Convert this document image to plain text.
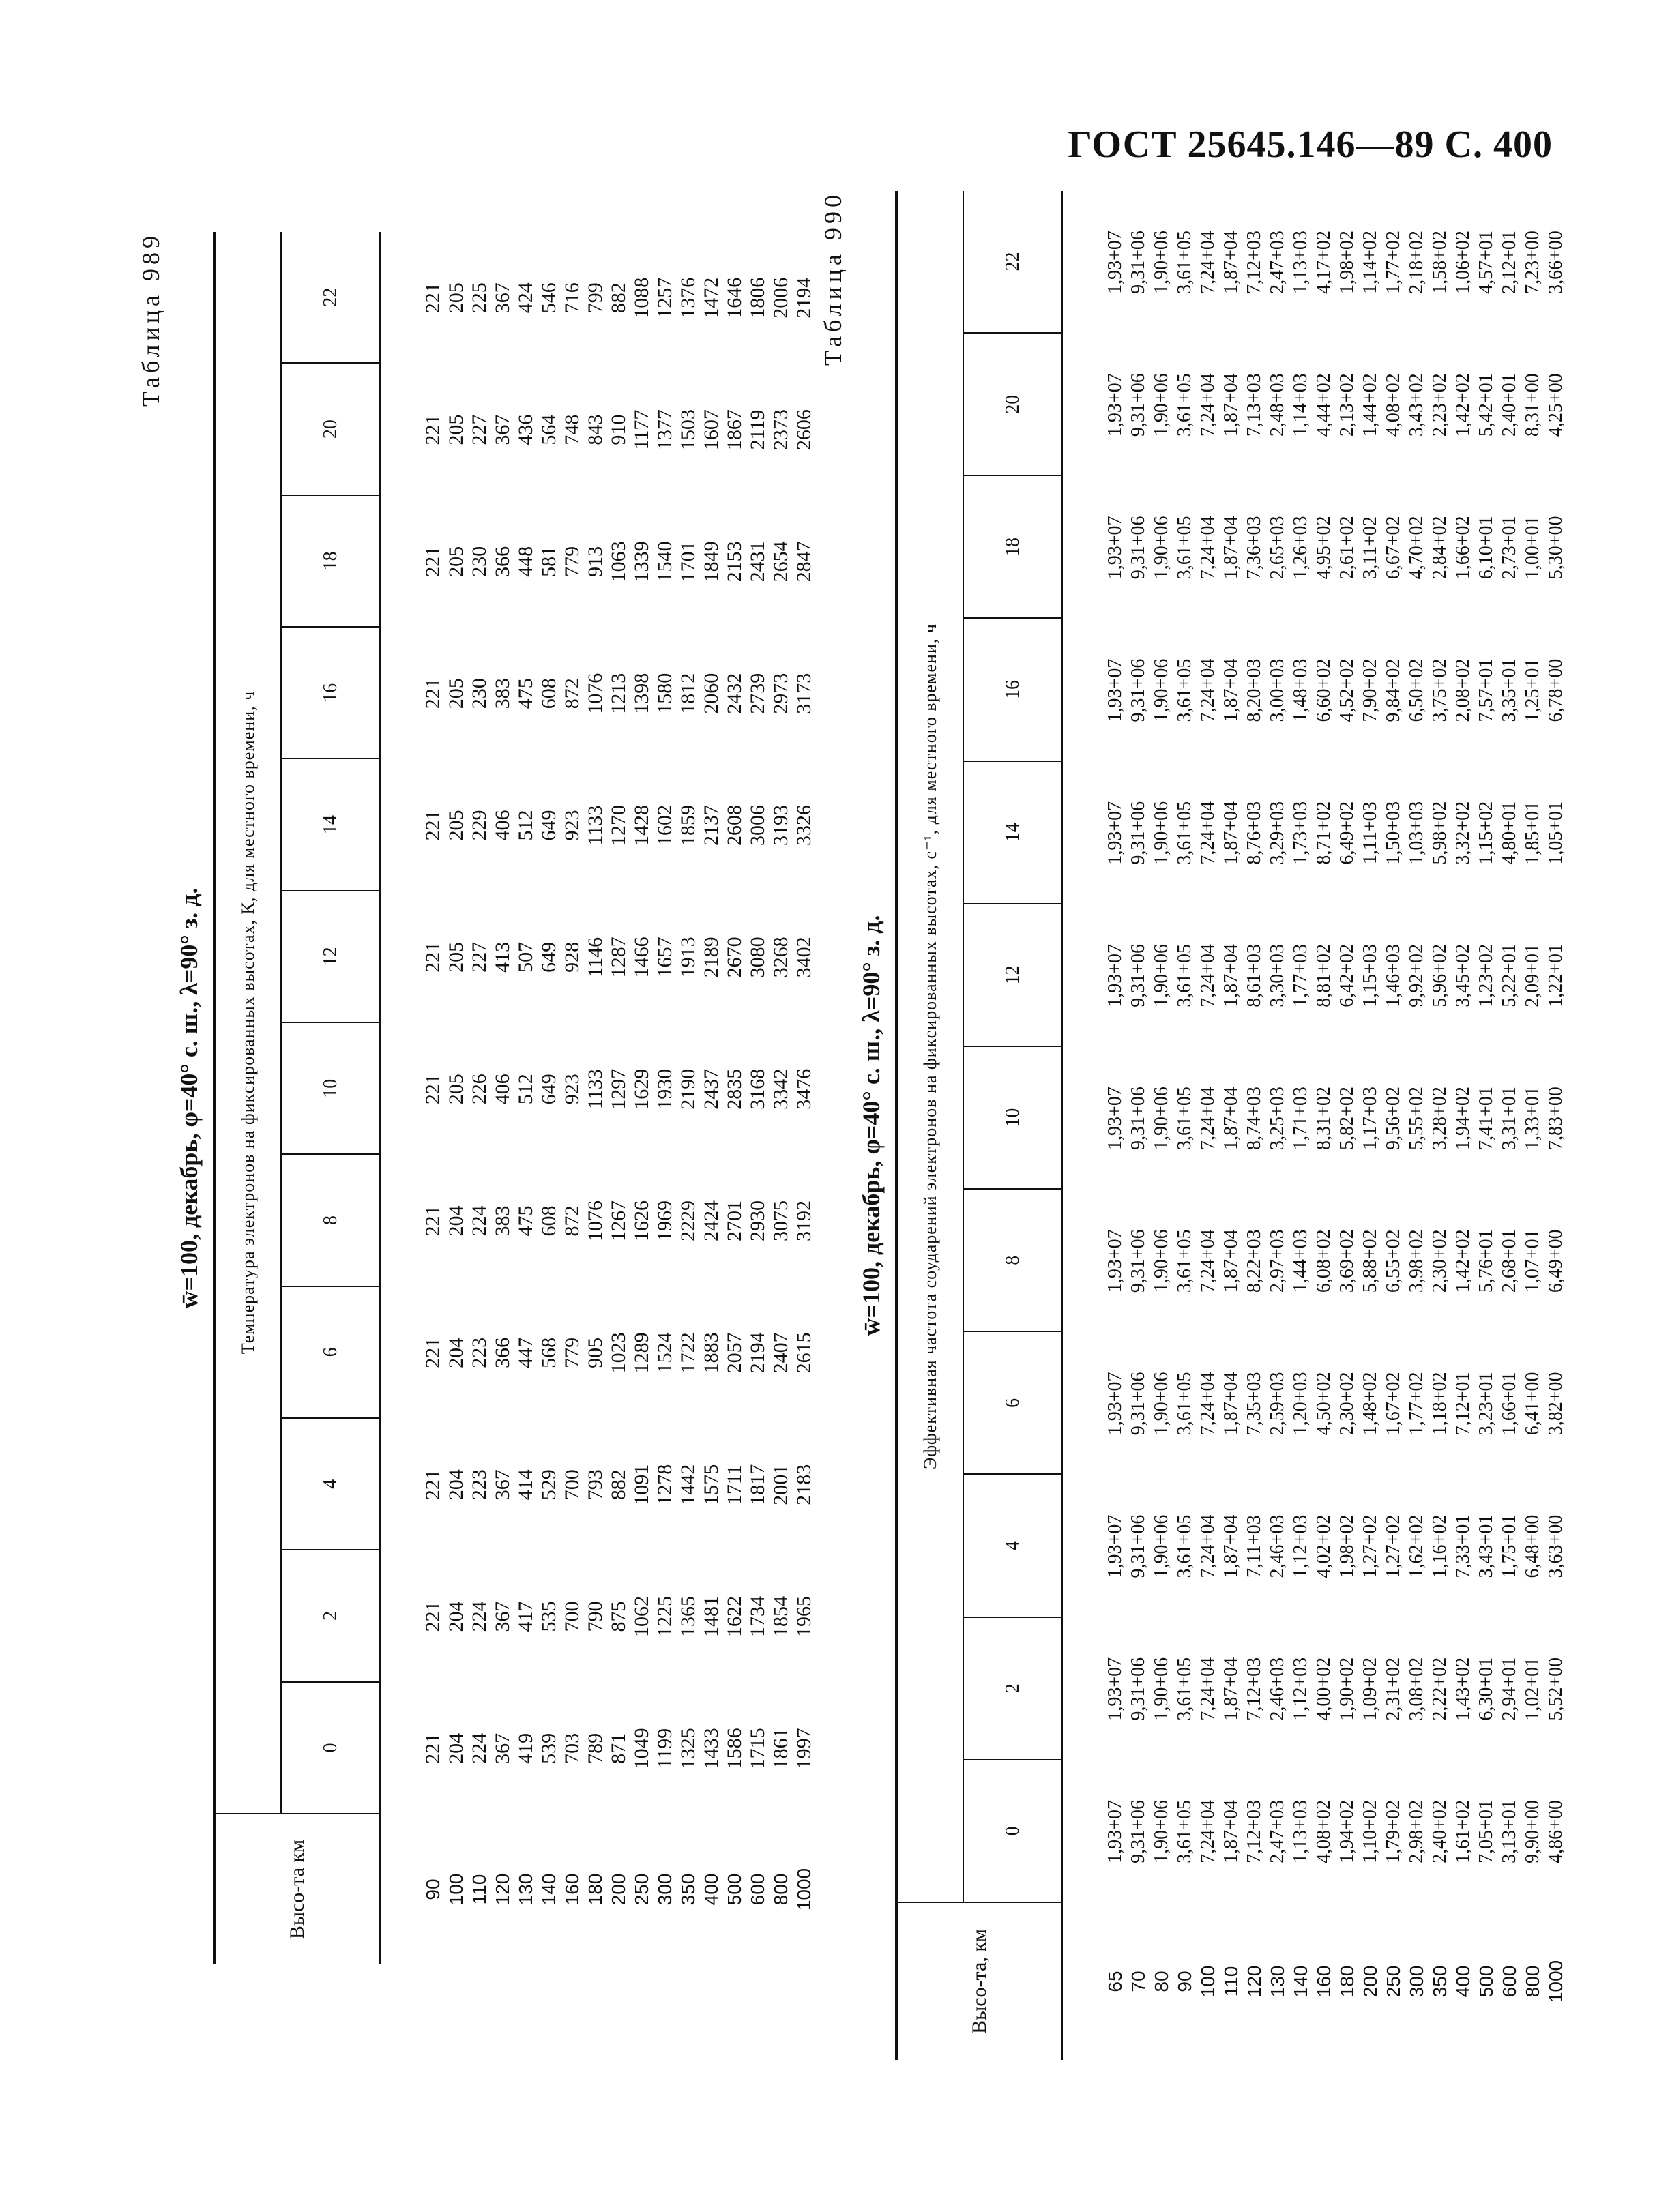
ГОСТ 25645.146—89 С. 400
Таблица 989
w̄=100, декабрь, φ=40° с. ш., λ=90° з. д.
Высо-та км
Температура электронов на фиксированных высотах, К, для местного времени, ч
0
2
4
6
8
10
12
14
16
18
20
22
90 100 110 120 130 140 160 180 200 250 300 350 400 500 600 800 1000
221 204 224 367 419 539 703 789 871 1049 1199 1325 1433 1586 1715 1861 1997
221 204 224 367 417 535 700 790 875 1062 1225 1365 1481 1622 1734 1854 1965
221 204 223 367 414 529 700 793 882 1091 1278 1442 1575 1711 1817 2001 2183
221 204 223 366 447 568 779 905 1023 1289 1524 1722 1883 2057 2194 2407 2615
221 204 224 383 475 608 872 1076 1267 1626 1969 2229 2424 2701 2930 3075 3192
221 205 226 406 512 649 923 1133 1297 1629 1930 2190 2437 2835 3168 3342 3476
221 205 227 413 507 649 928 1146 1287 1466 1657 1913 2189 2670 3080 3268 3402
221 205 229 406 512 649 923 1133 1270 1428 1602 1859 2137 2608 3006 3193 3326
221 205 230 383 475 608 872 1076 1213 1398 1580 1812 2060 2432 2739 2973 3173
221 205 230 366 448 581 779 913 1063 1339 1540 1701 1849 2153 2431 2654 2847
221 205 227 367 436 564 748 843 910 1177 1377 1503 1607 1867 2119 2373 2606
221 205 225 367 424 546 716 799 882 1088 1257 1376 1472 1646 1806 2006 2194 Таблица 990
w̄=100, декабрь, φ=40° с. ш., λ=90° з. д.
Высо-та, км
Эффективная частота соударений электронов на фиксированных высотах, с⁻¹, для местного времени, ч
0
2
4
6
8
10
12
14
16
18
20
22
65 70 80 90 100 110 120 130 140 160 180 200 250 300 350 400 500 600 800 1000
1,93+07 9,31+06 1,90+06 3,61+05 7,24+04 1,87+04 7,12+03 2,47+03 1,13+03 4,08+02 1,94+02 1,10+02 1,79+02 2,98+02 2,40+02 1,61+02 7,05+01 3,13+01 9,90+00 4,86+00
1,93+07 9,31+06 1,90+06 3,61+05 7,24+04 1,87+04 7,12+03 2,46+03 1,12+03 4,00+02 1,90+02 1,09+02 2,31+02 3,08+02 2,22+02 1,43+02 6,30+01 2,94+01 1,02+01 5,52+00
1,93+07 9,31+06 1,90+06 3,61+05 7,24+04 1,87+04 7,11+03 2,46+03 1,12+03 4,02+02 1,98+02 1,27+02 1,27+02 1,62+02 1,16+02 7,33+01 3,43+01 1,75+01 6,48+00 3,63+00
1,93+07 9,31+06 1,90+06 3,61+05 7,24+04 1,87+04 7,35+03 2,59+03 1,20+03 4,50+02 2,30+02 1,48+02 1,67+02 1,77+02 1,18+02 7,12+01 3,23+01 1,66+01 6,41+00 3,82+00
1,93+07 9,31+06 1,90+06 3,61+05 7,24+04 1,87+04 8,22+03 2,97+03 1,44+03 6,08+02 3,69+02 5,88+02 6,55+02 3,98+02 2,30+02 1,42+02 5,76+01 2,68+01 1,07+01 6,49+00
1,93+07 9,31+06 1,90+06 3,61+05 7,24+04 1,87+04 8,74+03 3,25+03 1,71+03 8,31+02 5,82+02 1,17+03 9,56+02 5,55+02 3,28+02 1,94+02 7,41+01 3,31+01 1,33+01 7,83+00
1,93+07 9,31+06 1,90+06 3,61+05 7,24+04 1,87+04 8,61+03 3,30+03 1,77+03 8,81+02 6,42+02 1,15+03 1,46+03 9,92+02 5,96+02 3,45+02 1,23+02 5,22+01 2,09+01 1,22+01
1,93+07 9,31+06 1,90+06 3,61+05 7,24+04 1,87+04 8,76+03 3,29+03 1,73+03 8,71+02 6,49+02 1,11+03 1,50+03 1,03+03 5,98+02 3,32+02 1,15+02 4,80+01 1,85+01 1,05+01
1,93+07 9,31+06 1,90+06 3,61+05 7,24+04 1,87+04 8,20+03 3,00+03 1,48+03 6,60+02 4,52+02 7,90+02 9,84+02 6,50+02 3,75+02 2,08+02 7,57+01 3,35+01 1,25+01 6,78+00
1,93+07 9,31+06 1,90+06 3,61+05 7,24+04 1,87+04 7,36+03 2,65+03 1,26+03 4,95+02 2,61+02 3,11+02 6,67+02 4,70+02 2,84+02 1,66+02 6,10+01 2,73+01 1,00+01 5,30+00
1,93+07 9,31+06 1,90+06 3,61+05 7,24+04 1,87+04 7,13+03 2,48+03 1,14+03 4,44+02 2,13+02 1,44+02 4,08+02 3,43+02 2,23+02 1,42+02 5,42+01 2,40+01 8,31+00 4,25+00
1,93+07 9,31+06 1,90+06 3,61+05 7,24+04 1,87+04 7,12+03 2,47+03 1,13+03 4,17+02 1,98+02 1,14+02 1,77+02 2,18+02 1,58+02 1,06+02 4,57+01 2,12+01 7,23+00 3,66+00
